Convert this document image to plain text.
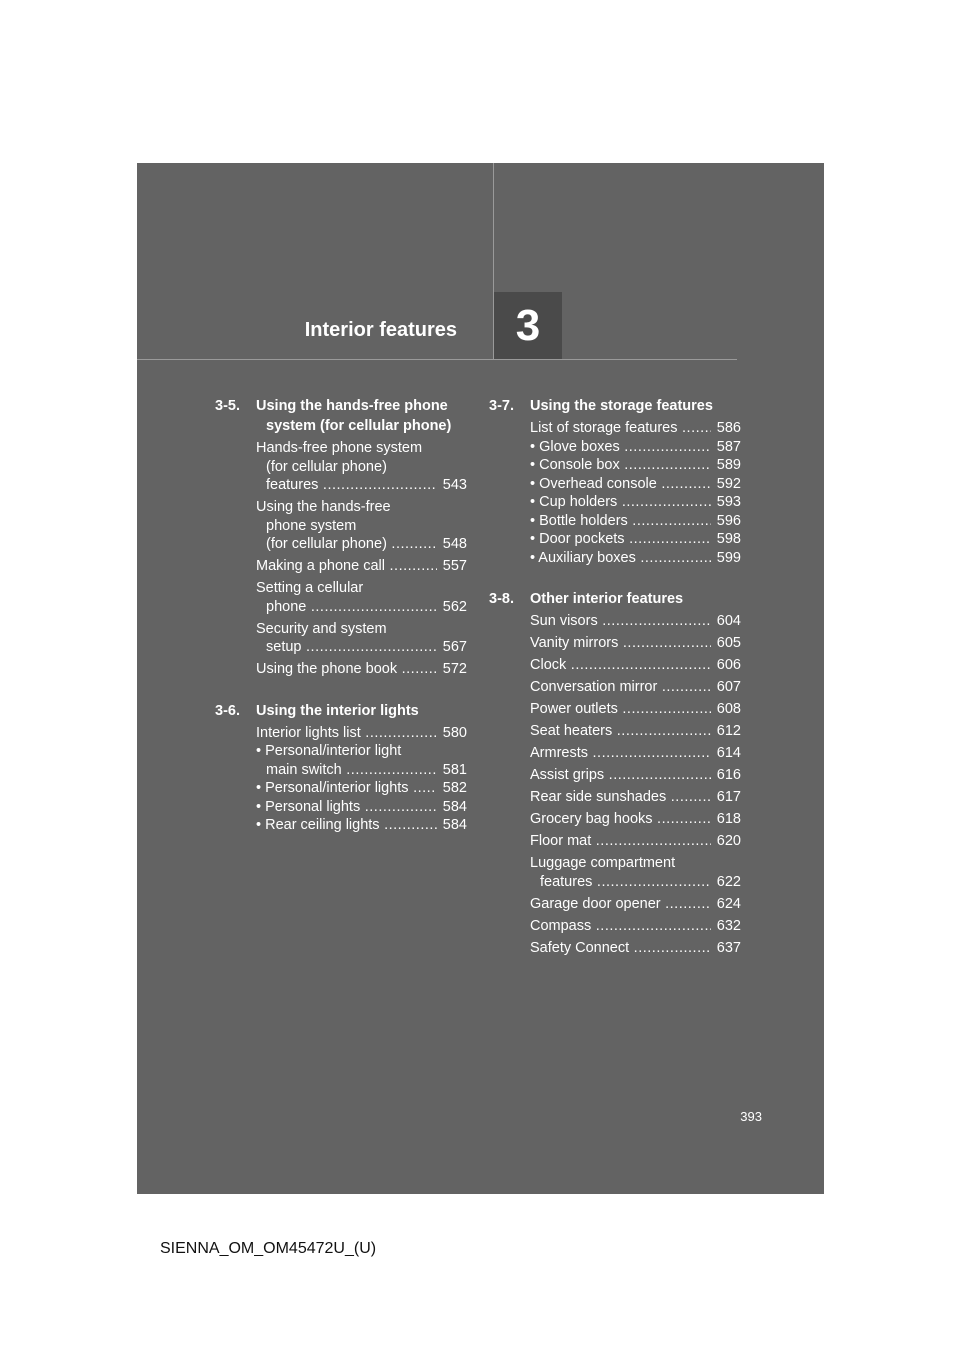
Interior features	3
3-5.	Using the hands-free phone
system (for cellular phone)
Hands-free phone system
(for cellular phone)
features .....	543
Using the hands-free
phone system
(for cellular phone) .....	548
Making a phone call .....	557
Setting a cellular
phone .....	562
Security and system
setup .....	567
Using the phone book .....	572
3-6.	Using the interior lights
Interior lights list .....	580
• Personal/interior light
main switch .....	581
• Personal/interior lights .....	582
• Personal lights .....	584
• Rear ceiling lights .....	584
3-7.	Using the storage features
List of storage features .....	586
• Glove boxes .....	587
• Console box .....	589
• Overhead console .....	592
• Cup holders .....	593
• Bottle holders .....	596
• Door pockets .....	598
• Auxiliary boxes .....	599
3-8.	Other interior features
Sun visors .....	604
Vanity mirrors .....	605
Clock .....	606
Conversation mirror .....	607
Power outlets .....	608
Seat heaters .....	612
Armrests .....	614
Assist grips .....	616
Rear side sunshades .....	617
Grocery bag hooks .....	618
Floor mat .....	620
Luggage compartment
features .....	622
Garage door opener .....	624
Compass .....	632
Safety Connect .....	637
393
SIENNA_OM_OM45472U_(U)
